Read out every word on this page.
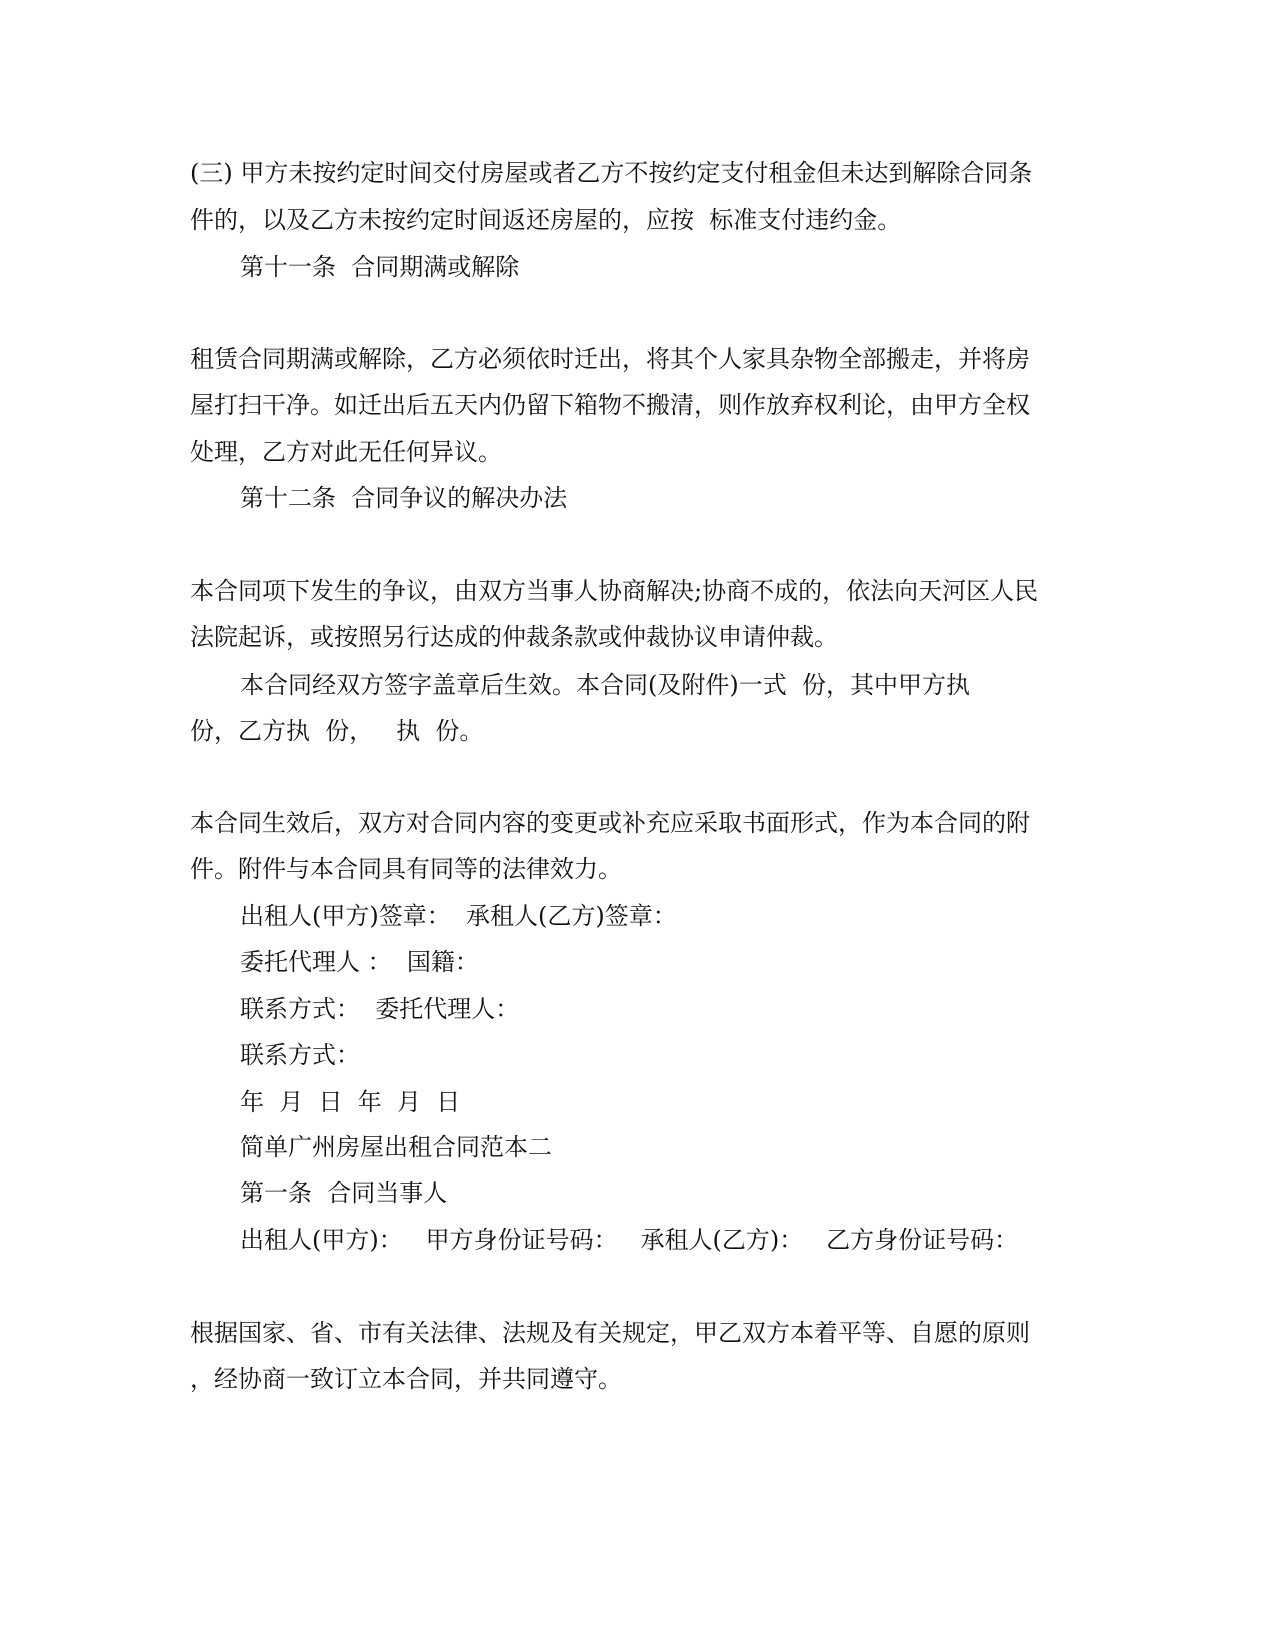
(三) 甲方未按约定时间交付房屋或者乙方不按约定支付租金但未达到解除合同条

件的，以及乙方未按约定时间返还房屋的，应按  标准支付违约金。

第十一条  合同期满或解除

租赁合同期满或解除，乙方必须依时迁出，将其个人家具杂物全部搬走，并将房

屋打扫干净。如迁出后五天内仍留下箱物不搬清，则作放弃权利论，由甲方全权

处理，乙方对此无任何异议。

第十二条  合同争议的解决办法

本合同项下发生的争议，由双方当事人协商解决;协商不成的，依法向天河区人民

法院起诉，或按照另行达成的仲裁条款或仲裁协议申请仲裁。

本合同经双方签字盖章后生效。本合同(及附件)一式  份，其中甲方执

份，乙方执  份，   执  份。

本合同生效后，双方对合同内容的变更或补充应采取书面形式，作为本合同的附

件。附件与本合同具有同等的法律效力。

出租人(甲方)签章：  承租人(乙方)签章：

委托代理人 ：  国籍：

联系方式：  委托代理人：

联系方式：

年  月  日  年  月  日

简单广州房屋出租合同范本二

第一条  合同当事人

出租人(甲方)：   甲方身份证号码：   承租人(乙方)：   乙方身份证号码：

根据国家、省、市有关法律、法规及有关规定，甲乙双方本着平等、自愿的原则

，经协商一致订立本合同，并共同遵守。
